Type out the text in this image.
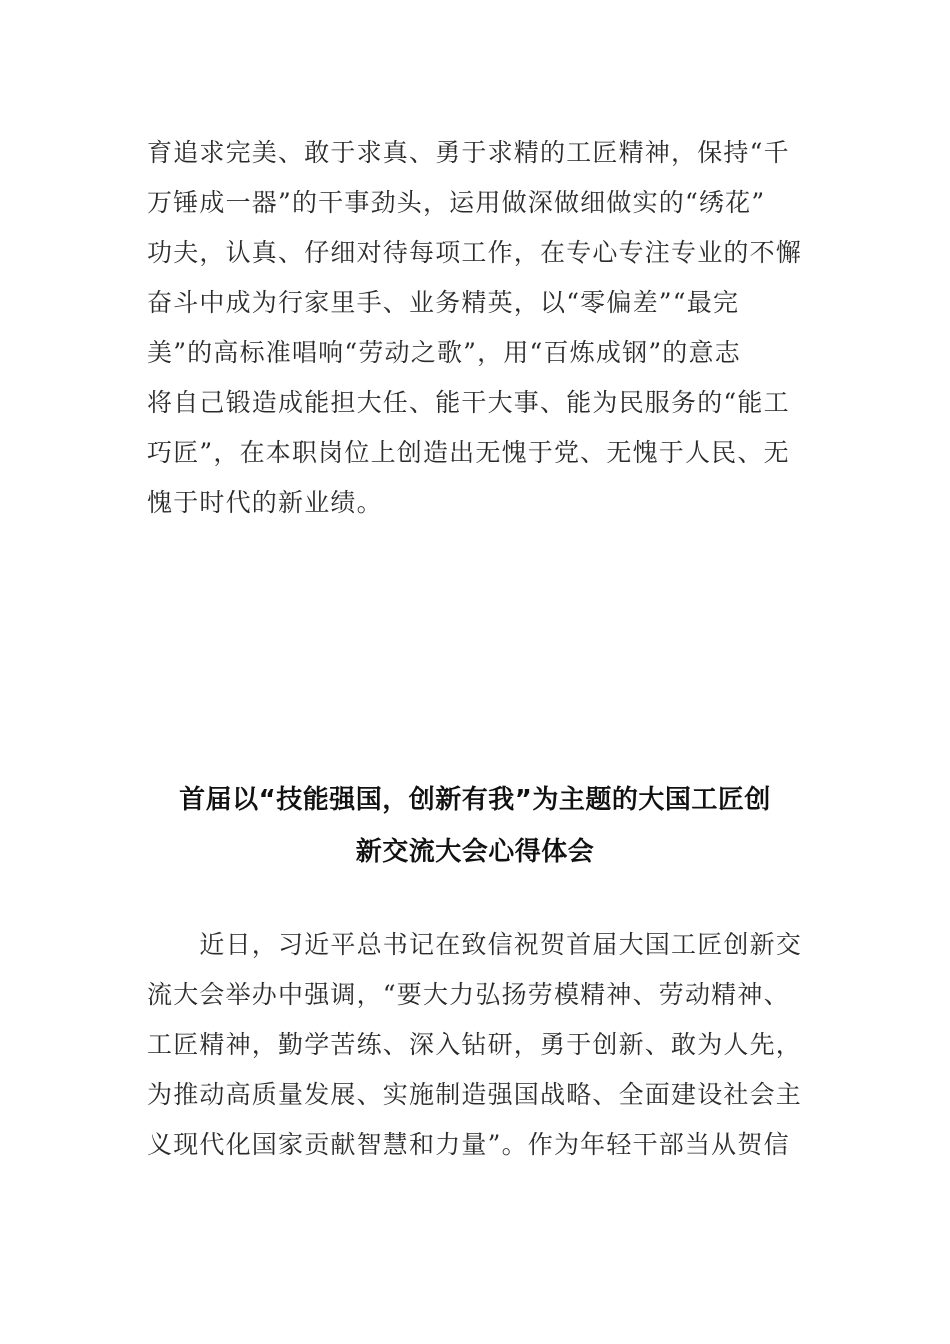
育追求完美、敢于求真、勇于求精的工匠精神，保持“千
万锤成一器”的干事劲头，运用做深做细做实的“绣花”
功夫，认真、仔细对待每项工作，在专心专注专业的不懈
奋斗中成为行家里手、业务精英，以“零偏差”“最完
美”的高标准唱响“劳动之歌”，用“百炼成钢”的意志
将自己锻造成能担大任、能干大事、能为民服务的“能工
巧匠”，在本职岗位上创造出无愧于党、无愧于人民、无
愧于时代的新业绩。
首届以“技能强国，创新有我”为主题的大国工匠创
新交流大会心得体会
　　近日，习近平总书记在致信祝贺首届大国工匠创新交
流大会举办中强调，“要大力弘扬劳模精神、劳动精神、
工匠精神，勤学苦练、深入钻研，勇于创新、敢为人先，
为推动高质量发展、实施制造强国战略、全面建设社会主
义现代化国家贡献智慧和力量”。作为年轻干部当从贺信
